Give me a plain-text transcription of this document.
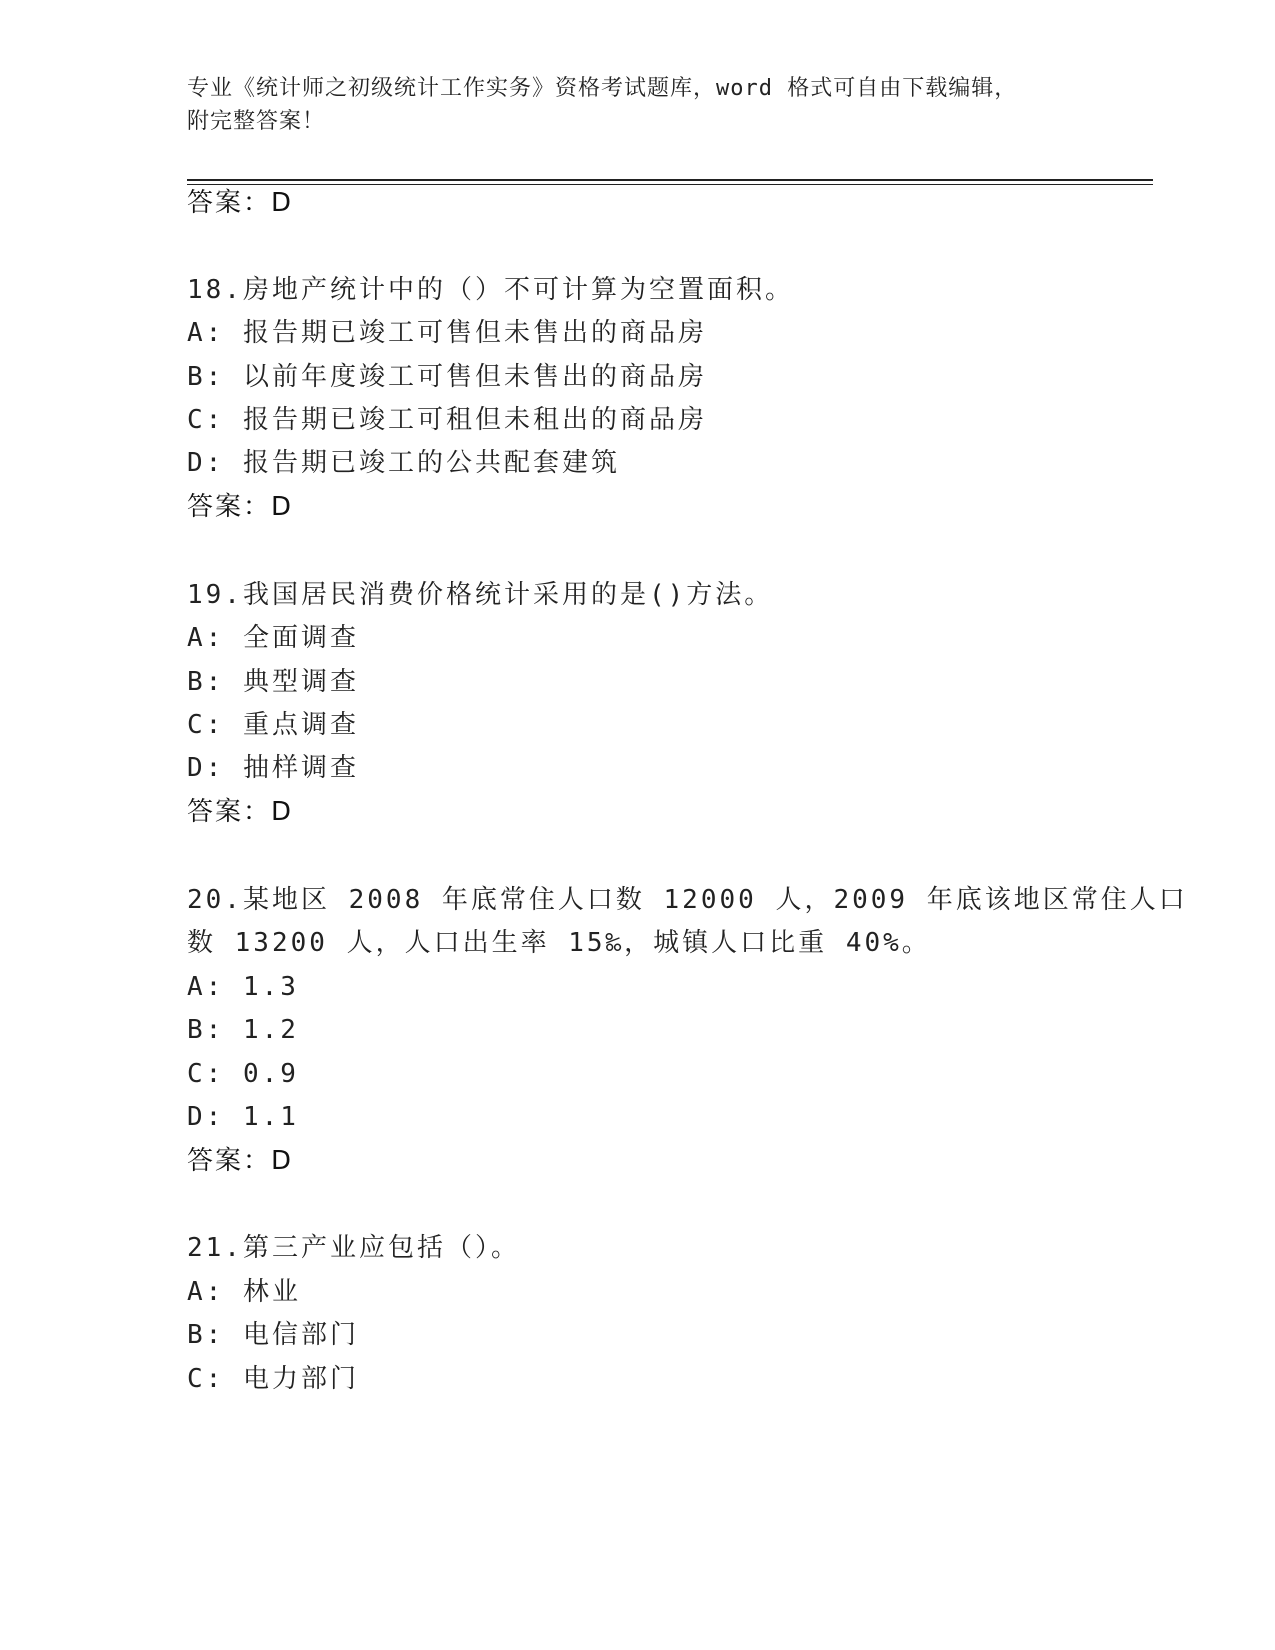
专业《统计师之初级统计工作实务》资格考试题库，word 格式可自由下载编辑，
附完整答案！
答案：D
18.房地产统计中的（）不可计算为空置面积。
A: 报告期已竣工可售但未售出的商品房
B: 以前年度竣工可售但未售出的商品房
C: 报告期已竣工可租但未租出的商品房
D: 报告期已竣工的公共配套建筑
答案：D
19.我国居民消费价格统计采用的是()方法。
A: 全面调查
B: 典型调查
C: 重点调查
D: 抽样调查
答案：D
20.某地区 2008 年底常住人口数 12000 人，2009 年底该地区常住人口
数 13200 人，人口出生率 15‰，城镇人口比重 40%。
A: 1.3
B: 1.2
C: 0.9
D: 1.1
答案：D
21.第三产业应包括（）。
A: 林业
B: 电信部门
C: 电力部门
